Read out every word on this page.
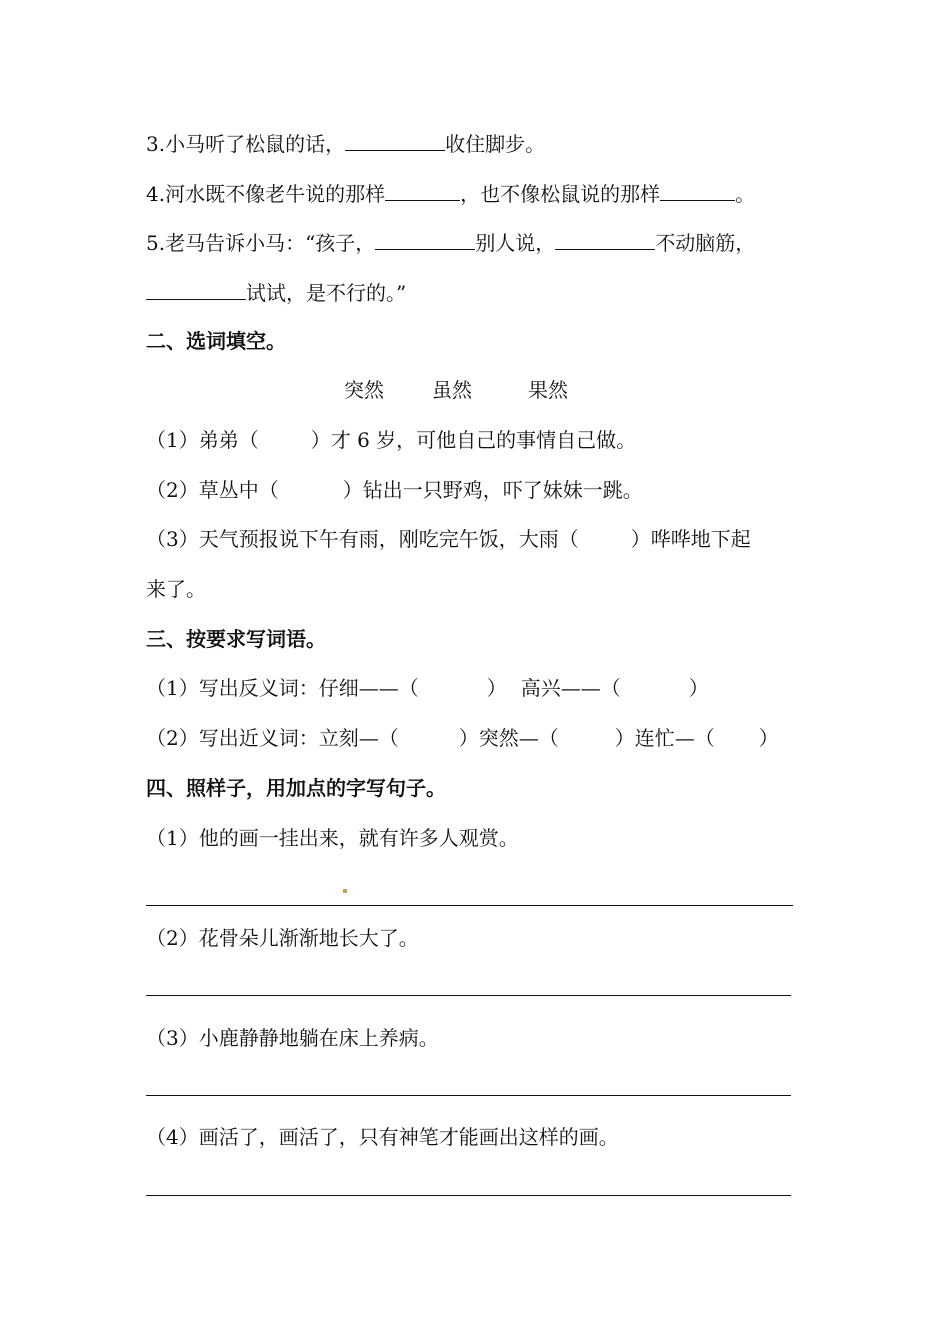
3.小马听了松鼠的话，	收住脚步。
4.河水既不像老牛说的那样	，也不像松鼠说的那样	。
5.老马告诉小马：“孩子，	别人说，	不动脑筋，
试试，是不行的。”
二、选词填空。
突然 虽然	果然
（1）弟弟（	）才 6 岁，可他自己的事情自己做。
（2）草丛中（	）钻出一只野鸡，吓了妹妹一跳。
（3）天气预报说下午有雨，刚吃完午饭，大雨（	）哗哗地下起
来了。
三、按要求写词语。
（1）写出反义词：仔细——（	） 高兴——（	）
（2）写出近义词：立刻—（	）突然—（	）连忙—（ ）
四、照样子，用加点的字写句子。
（1）他的画一挂出来，就有许多人观赏。
（2）花骨朵儿渐渐地长大了。
（3）小鹿静静地躺在床上养病。
（4）画活了，画活了，只有神笔才能画出这样的画。
